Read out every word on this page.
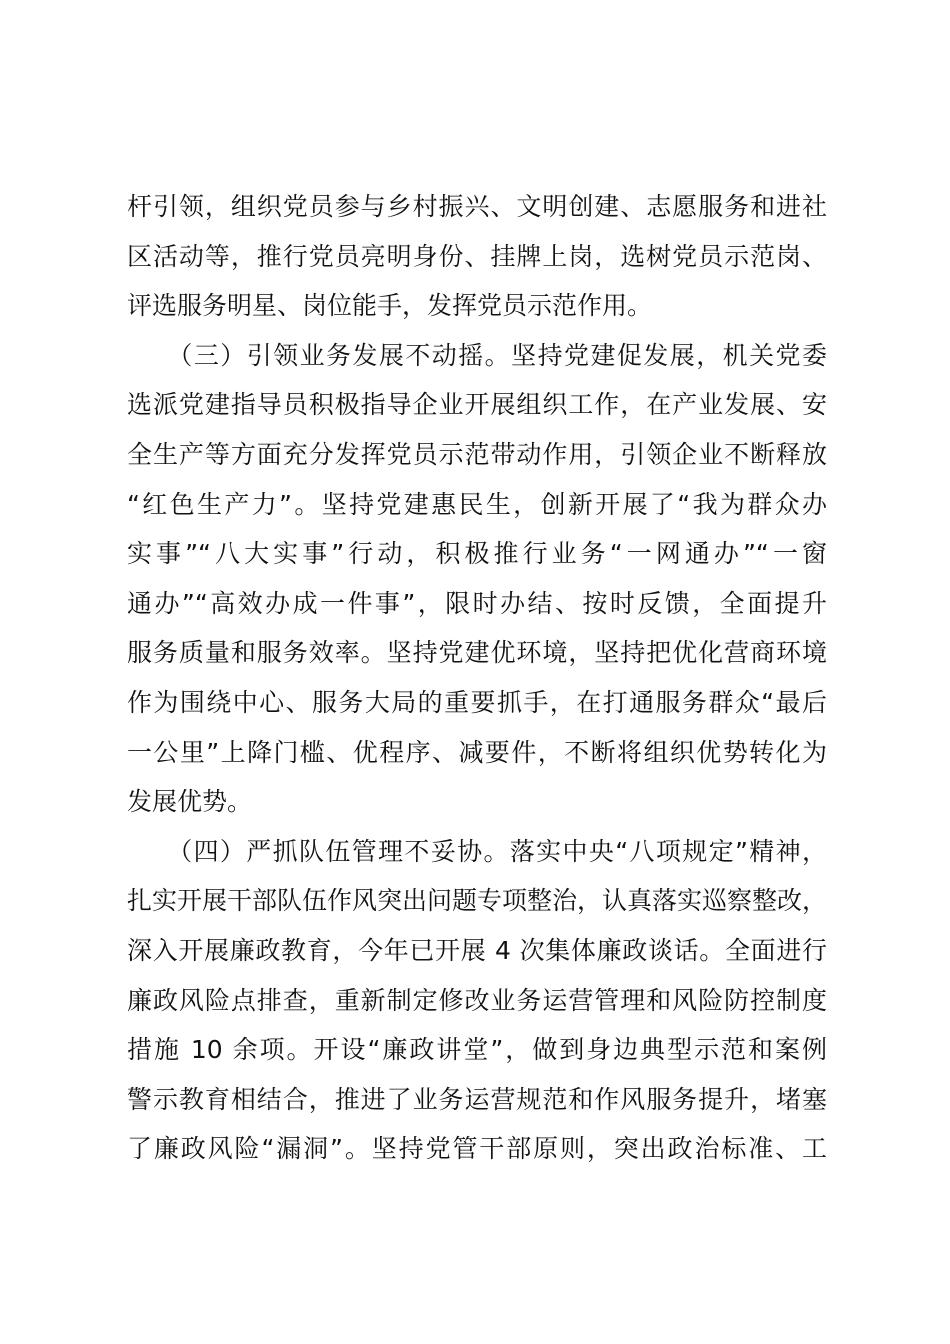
杆引领，组织党员参与乡村振兴、文明创建、志愿服务和进社
区活动等，推行党员亮明身份、挂牌上岗，选树党员示范岗、
评选服务明星、岗位能手，发挥党员示范作用。
　　（三）引领业务发展不动摇。坚持党建促发展，机关党委
选派党建指导员积极指导企业开展组织工作，在产业发展、安
全生产等方面充分发挥党员示范带动作用，引领企业不断释放
“红色生产力”。坚持党建惠民生，创新开展了“我为群众办
实事”“八大实事”行动，积极推行业务“一网通办”“一窗
通办”“高效办成一件事”，限时办结、按时反馈，全面提升
服务质量和服务效率。坚持党建优环境，坚持把优化营商环境
作为围绕中心、服务大局的重要抓手，在打通服务群众“最后
一公里”上降门槛、优程序、减要件，不断将组织优势转化为
发展优势。
　　（四）严抓队伍管理不妥协。落实中央“八项规定”精神，
扎实开展干部队伍作风突出问题专项整治，认真落实巡察整改，
深入开展廉政教育，今年已开展 4 次集体廉政谈话。全面进行
廉政风险点排查，重新制定修改业务运营管理和风险防控制度
措施 10 余项。开设“廉政讲堂”，做到身边典型示范和案例
警示教育相结合，推进了业务运营规范和作风服务提升，堵塞
了廉政风险“漏洞”。坚持党管干部原则，突出政治标准、工
